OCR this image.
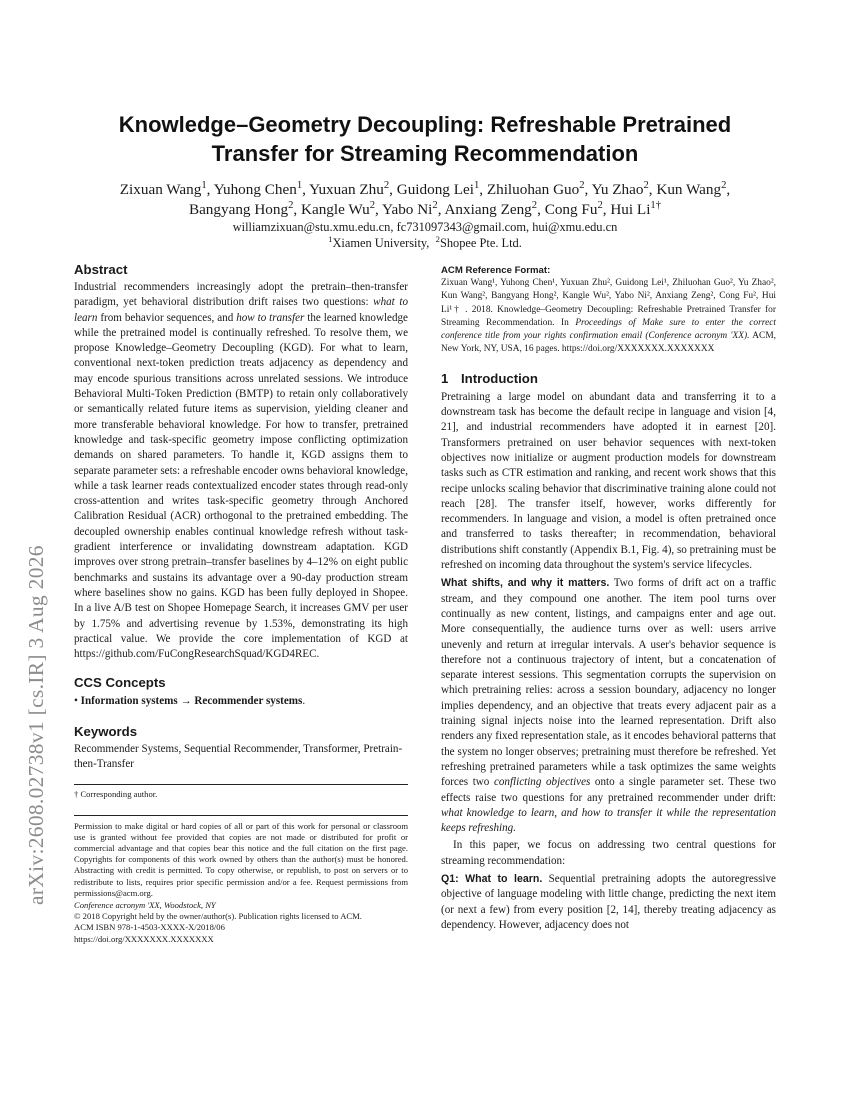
arXiv:2608.02738v1 [cs.IR] 3 Aug 2026
Knowledge–Geometry Decoupling: Refreshable Pretrained
Transfer for Streaming Recommendation

Zixuan Wang$^1$, Yuhong Chen$^1$, Yuxuan Zhu$^2$, Guidong Lei$^1$, Zhiluohan Guo$^2$, Yu Zhao$^2$, Kun Wang$^2$,
Bangyang Hong$^2$, Kangle Wu$^2$, Yabo Ni$^2$, Anxiang Zeng$^2$, Cong Fu$^2$, Hui $Li^{1\dagger}$

williamzixuan@stu.xmu.edu.cn, fc731097343@gmail.com, hui@xmu.edu.cn

$^1$Xiamen University, $^2$Shopee Pte. Ltd.

Abstract

Industrial recommenders increasingly adopt the pretrain–then-transfer paradigm, yet behavioral distribution drift raises two questions: what to learn from behavior sequences, and how to transfer the learned knowledge while the pretrained model is continually refreshed. To resolve them, we propose Knowledge–Geometry Decoupling (KGD). For what to learn, conventional next-token prediction treats adjacency as dependency and may encode spurious transitions across unrelated sessions. We introduce Behavioral Multi-Token Prediction (BMTP) to retain only collaboratively or semantically related future items as supervision, yielding cleaner and more transferable behavioral knowledge. For how to transfer, pretrained knowledge and task-specific geometry impose conflicting optimization demands on shared parameters. To handle it, KGD assigns them to separate parameter sets: a refreshable encoder owns behavioral knowledge, while a task learner reads contextualized encoder states through read-only cross-attention and writes task-specific geometry through Anchored Calibration Residual (ACR) orthogonal to the pretrained embedding. The decoupled ownership enables continual knowledge refresh without task-gradient interference or invalidating downstream adaptation. KGD improves over strong pretrain–transfer baselines by 4–12% on eight public benchmarks and sustains its advantage over a 90-day production stream where baselines show no gains. KGD has been fully deployed in Shopee. In a live A/B test on Shopee Homepage Search, it increases GMV per user by 1.75% and advertising revenue by 1.53%, demonstrating its high practical value. We provide the core implementation of KGD at https://github.com/FuCongResearchSquad/KGD4REC.

CCS Concepts

• Information systems → Recommender systems.

Keywords

Recommender Systems, Sequential Recommender, Transformer, Pretrain-then-Transfer

† Corresponding author.

Permission to make digital or hard copies of all or part of this work for personal or classroom use is granted without fee provided that copies are not made or distributed for profit or commercial advantage and that copies bear this notice and the full citation on the first page. Copyrights for components of this work owned by others than the author(s) must be honored. Abstracting with credit is permitted. To copy otherwise, or republish, to post on servers or to redistribute to lists, requires prior specific permission and/or a fee. Request permissions from permissions@acm.org.

Conference acronym 'XX, Woodstock, NY

© 2018 Copyright held by the owner/author(s). Publication rights licensed to ACM.

ACM ISBN 978-1-4503-XXXX-X/2018/06

https://doi.org/XXXXXXX.XXXXXXX

ACM Reference Format:

Zixuan Wang¹, Yuhong Chen¹, Yuxuan Zhu², Guidong Lei¹, Zhiluohan Guo², Yu Zhao², Kun Wang², Bangyang Hong², Kangle Wu², Yabo Ni², Anxiang Zeng², Cong Fu², Hui Li¹† . 2018. Knowledge–Geometry Decoupling: Refreshable Pretrained Transfer for Streaming Recommendation. In Proceedings of Make sure to enter the correct conference title from your rights confirmation email (Conference acronym 'XX). ACM, New York, NY, USA, 16 pages. https://doi.org/XXXXXXX.XXXXXXX

1 Introduction

Pretraining a large model on abundant data and transferring it to a downstream task has become the default recipe in language and vision [4, 21], and industrial recommenders have adopted it in earnest [20]. Transformers pretrained on user behavior sequences with next-token objectives now initialize or augment production models for downstream tasks such as CTR estimation and ranking, and recent work shows that this recipe unlocks scaling behavior that discriminative training alone could not reach [28]. The transfer itself, however, works differently for recommenders. In language and vision, a model is often pretrained once and transferred to tasks thereafter; in recommendation, behavioral distributions shift constantly (Appendix B.1, Fig. 4), so pretraining must be refreshed on incoming data throughout the system's service lifecycles.

What shifts, and why it matters. Two forms of drift act on a traffic stream, and they compound one another. The item pool turns over continually as new content, listings, and campaigns enter and age out. More consequentially, the audience turns over as well: users arrive unevenly and return at irregular intervals. A user's behavior sequence is therefore not a continuous trajectory of intent, but a concatenation of separate interest sessions. This segmentation corrupts the supervision on which pretraining relies: across a session boundary, adjacency no longer implies dependency, and an objective that treats every adjacent pair as a training signal injects noise into the learned representation. Drift also renders any fixed representation stale, as it encodes behavioral patterns that the system no longer observes; pretraining must therefore be refreshed. Yet refreshing pretrained parameters while a task optimizes the same weights forces two conflicting objectives onto a single parameter set. These two effects raise two questions for any pretrained recommender under drift: what knowledge to learn, and how to transfer it while the representation keeps refreshing.

In this paper, we focus on addressing two central questions for streaming recommendation:

Q1: What to learn. Sequential pretraining adopts the autoregressive objective of language modeling with little change, predicting the next item (or next a few) from every position [2, 14], thereby treating adjacency as dependency. However, adjacency does not
